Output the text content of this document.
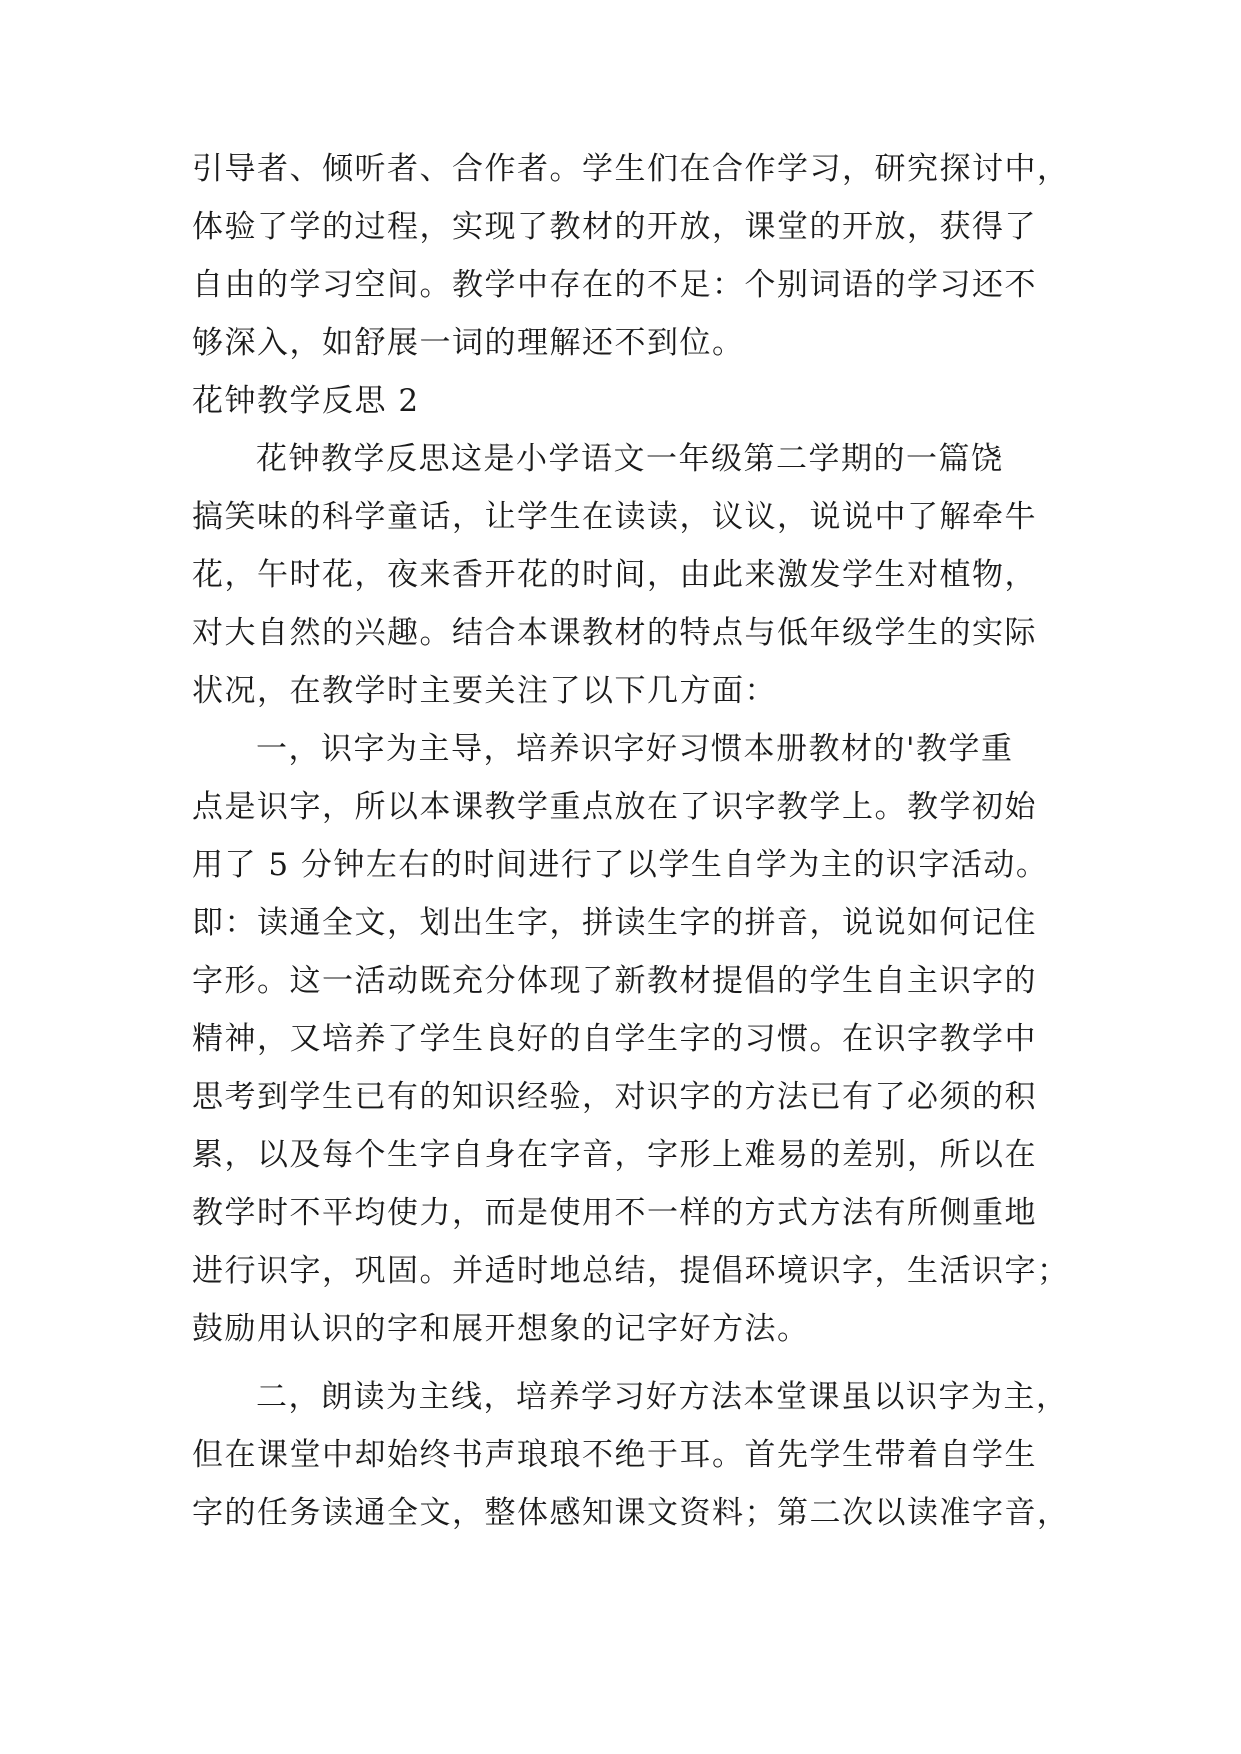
引导者、倾听者、合作者。学生们在合作学习，研究探讨中，
体验了学的过程，实现了教材的开放，课堂的开放，获得了
自由的学习空间。教学中存在的不足：个别词语的学习还不
够深入，如舒展一词的理解还不到位。
花钟教学反思 2
花钟教学反思这是小学语文一年级第二学期的一篇饶
搞笑味的科学童话，让学生在读读，议议，说说中了解牵牛
花，午时花，夜来香开花的时间，由此来激发学生对植物，
对大自然的兴趣。结合本课教材的特点与低年级学生的实际
状况，在教学时主要关注了以下几方面：
一，识字为主导，培养识字好习惯本册教材的'教学重
点是识字，所以本课教学重点放在了识字教学上。教学初始
用了 5 分钟左右的时间进行了以学生自学为主的识字活动。
即：读通全文，划出生字，拼读生字的拼音，说说如何记住
字形。这一活动既充分体现了新教材提倡的学生自主识字的
精神，又培养了学生良好的自学生字的习惯。在识字教学中
思考到学生已有的知识经验，对识字的方法已有了必须的积
累，以及每个生字自身在字音，字形上难易的差别，所以在
教学时不平均使力，而是使用不一样的方式方法有所侧重地
进行识字，巩固。并适时地总结，提倡环境识字，生活识字；
鼓励用认识的字和展开想象的记字好方法。
二，朗读为主线，培养学习好方法本堂课虽以识字为主，
但在课堂中却始终书声琅琅不绝于耳。首先学生带着自学生
字的任务读通全文，整体感知课文资料；第二次以读准字音，
